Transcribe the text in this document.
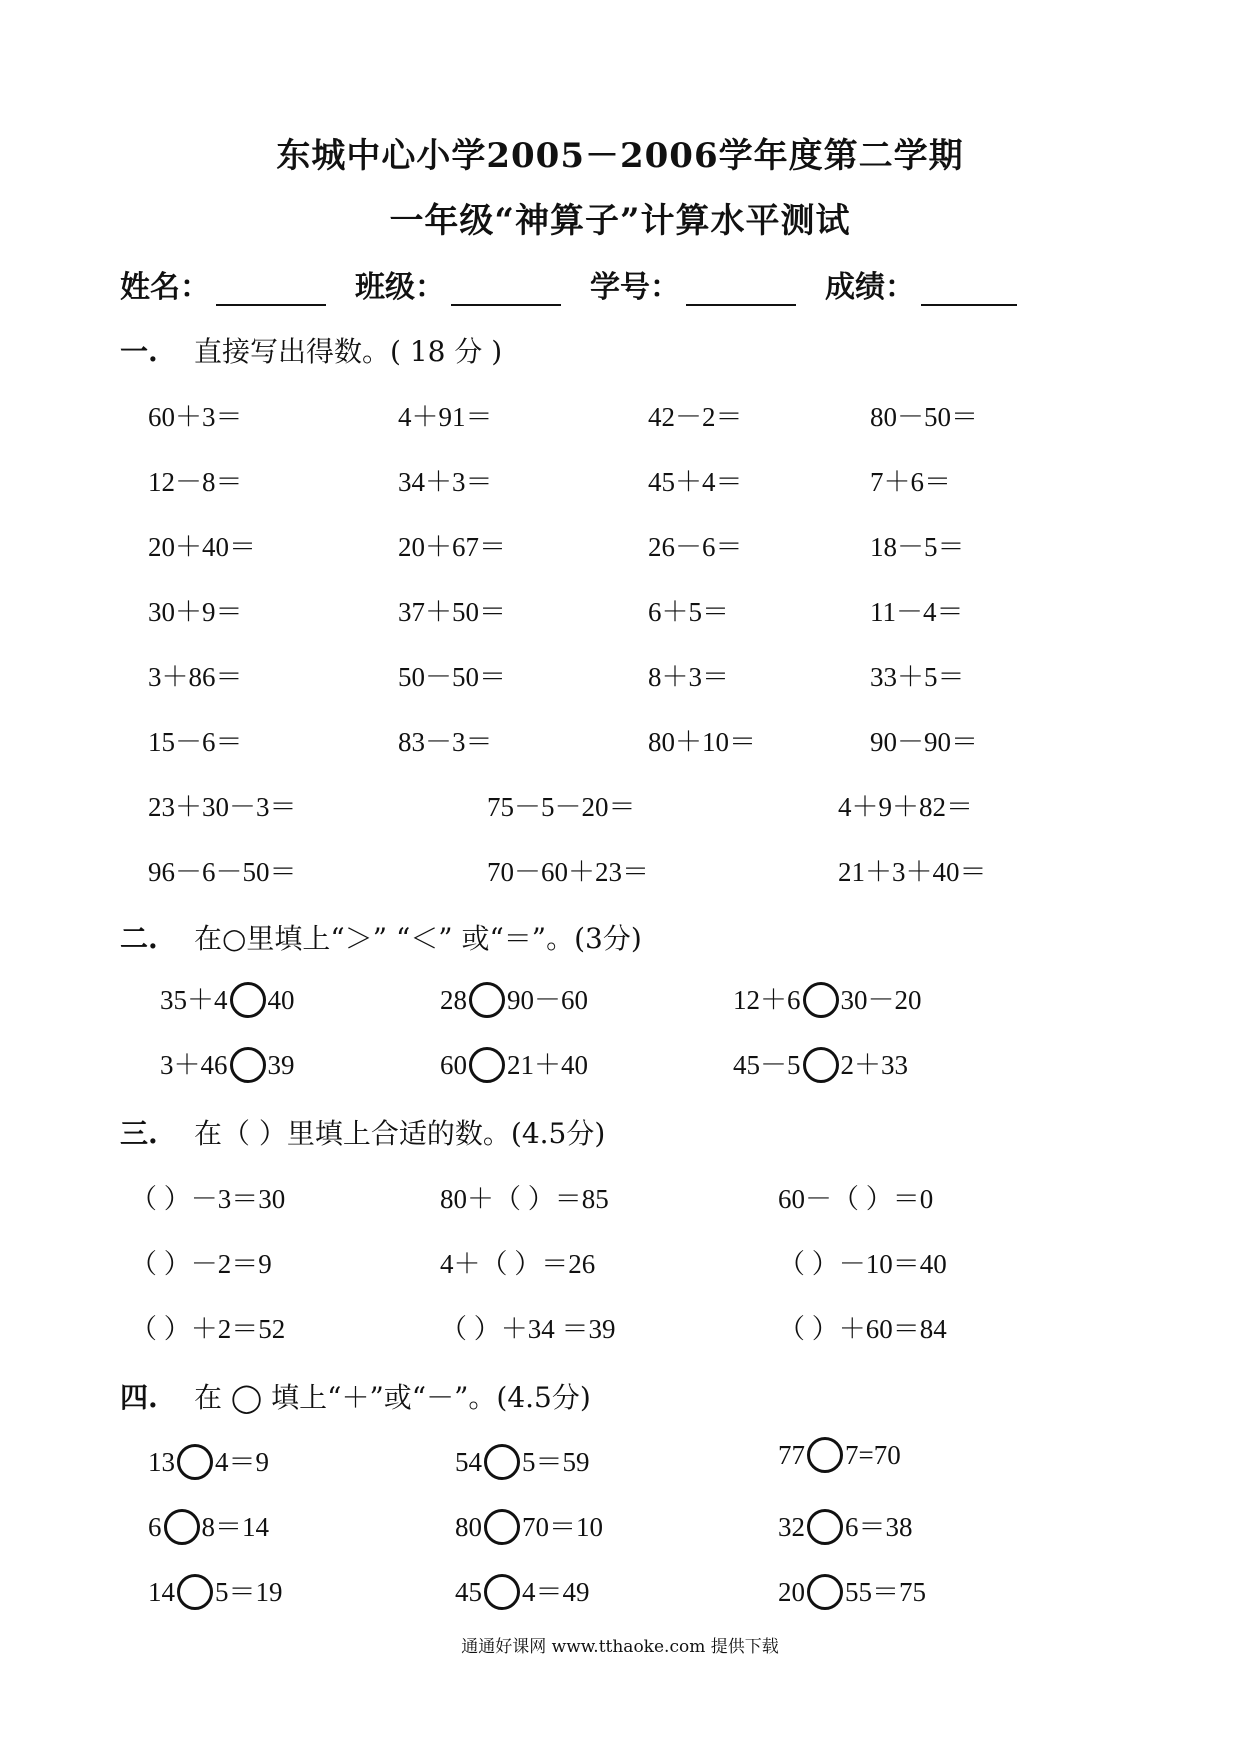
东城中心小学2005－2006学年度第二学期
一年级“神算子”计算水平测试
姓名：	班级：	学号：	成绩：
一. 直接写出得数。( 18 分 )
二. 在○里填上“＞” “＜” 或“＝”。(3分)
三. 在（ ）里填上合适的数。(4.5分)
四. 在 ◯ 填上“＋”或“－”。(4.5分)
通通好课网 www.tthaoke.com 提供下载
60＋3＝	4＋91＝	42－2＝	80－50＝
12－8＝	34＋3＝	45＋4＝	7＋6＝
20＋40＝	20＋67＝	26－6＝	18－5＝
30＋9＝	37＋50＝	6＋5＝	11－4＝
3＋86＝	50－50＝	8＋3＝	33＋5＝
15－6＝	83－3＝	80＋10＝	90－90＝
23＋30－3＝	75－5－20＝	4＋9＋82＝
96－6－50＝	70－60＋23＝	21＋3＋40＝
35＋4 40	28 90－60	12＋6 30－20
3＋46 39	60 21＋40	45－5 2＋33
（ ）－3＝30	80＋（ ）＝85	60－（ ）＝0
（ ）－2＝9	4＋（ ）＝26	（ ）－10＝40
（ ）＋2＝52	（ ）＋34 ＝39	（ ）＋60＝84
13 4＝9	54 5＝59	77 7=70
6 8＝14	80 70＝10	32 6＝38
14 5＝19	45 4＝49	20 55＝75
